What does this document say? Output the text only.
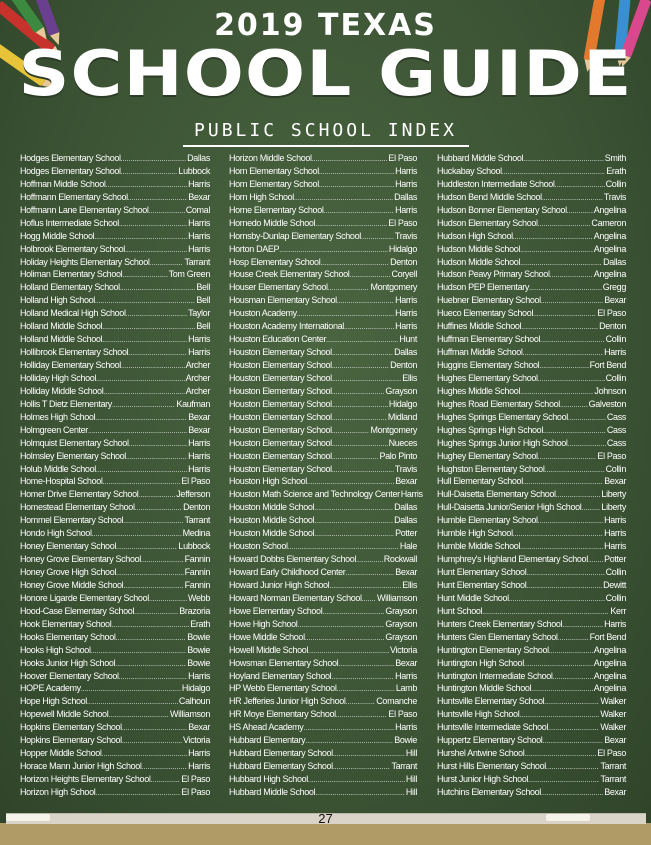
2019 TEXAS
SCHOOL GUIDE
PUBLIC SCHOOL INDEX
Hodges Elementary School .....	Dallas
Hodges Elementary School .....	Lubbock
Hoffman Middle School .....	Harris
Hoffmann Elementary School .....	Bexar
Hoffmann Lane Elementary School .....	Comal
Hoflus Intermediate School .....	Harris
Hogg Middle School .....	Harris
Holbrook Elementary School .....	Harris
Holiday Heights Elementary School .....	Tarrant
Holiman Elementary School .....	Tom Green
Holland Elementary School .....	Bell
Holland High School .....	Bell
Holland Medical High School .....	Taylor
Holland Middle School .....	Bell
Holland Middle School .....	Harris
Hollibrook Elementary School .....	Harris
Holliday Elementary School .....	Archer
Holliday High School .....	Archer
Holliday Middle School .....	Archer
Hollis T Dietz Elementary .....	Kaufman
Holmes High School .....	Bexar
Holmgreen Center .....	Bexar
Holmquist Elementary School .....	Harris
Holmsley Elementary School .....	Harris
Holub Middle School .....	Harris
Home-Hospital School .....	El Paso
Homer Drive Elementary School .....	Jefferson
Homestead Elementary School .....	Denton
Hommel Elementary School .....	Tarrant
Hondo High School .....	Medina
Honey Elementary School .....	Lubbock
Honey Grove Elementary School .....	Fannin
Honey Grove High School .....	Fannin
Honey Grove Middle School .....	Fannin
Honore Ligarde Elementary School .....	Webb
Hood-Case Elementary School .....	Brazoria
Hook Elementary School .....	Erath
Hooks Elementary School .....	Bowie
Hooks High School .....	Bowie
Hooks Junior High School .....	Bowie
Hoover Elementary School .....	Harris
HOPE Academy .....	Hidalgo
Hope High School .....	Calhoun
Hopewell Middle School .....	Williamson
Hopkins Elementary School .....	Bexar
Hopkins Elementary School .....	Victoria
Hopper Middle School .....	Harris
Horace Mann Junior High School .....	Harris
Horizon Heights Elementary School .....	El Paso
Horizon High School .....	El Paso
Horizon Middle School .....	El Paso
Horn Elementary School .....	Harris
Horn Elementary School .....	Harris
Horn High School .....	Dallas
Horne Elementary School .....	Harris
Hornedo Middle School .....	El Paso
Hornsby-Dunlap Elementary School .....	Travis
Horton DAEP .....	Hidalgo
Hosp Elementary School .....	Denton
House Creek Elementary School .....	Coryell
Houser Elementary School .....	Montgomery
Housman Elementary School .....	Harris
Houston Academy .....	Harris
Houston Academy International .....	Harris
Houston Education Center .....	Hunt
Houston Elementary School .....	Dallas
Houston Elementary School .....	Denton
Houston Elementary School .....	Ellis
Houston Elementary School .....	Grayson
Houston Elementary School .....	Hidalgo
Houston Elementary School .....	Midland
Houston Elementary School .....	Montgomery
Houston Elementary School .....	Nueces
Houston Elementary School .....	Palo Pinto
Houston Elementary School .....	Travis
Houston High School .....	Bexar
Houston Math Science and Technology Center Harris
Houston Middle School .....	Dallas
Houston Middle School .....	Dallas
Houston Middle School .....	Potter
Houston School .....	Hale
Howard Dobbs Elementary School .....	Rockwall
Howard Early Childhood Center .....	Bexar
Howard Junior High School .....	Ellis
Howard Norman Elementary School ..... Williamson
Howe Elementary School .....	Grayson
Howe High School .....	Grayson
Howe Middle School .....	Grayson
Howell Middle School .....	Victoria
Howsman Elementary School .....	Bexar
Hoyland Elementary School .....	Harris
HP Webb Elementary School .....	Lamb
HR Jefferies Junior High School .....	Comanche
HR Moye Elementary School .....	El Paso
HS Ahead Academy .....	Harris
Hubbard Elementary .....	Bowie
Hubbard Elementary School .....	Hill
Hubbard Elementary School .....	Tarrant
Hubbard High School .....	Hill
Hubbard Middle School .....	Hill
Hubbard Middle School .....	Smith
Huckabay School .....	Erath
Huddleston Intermediate School .....	Collin
Hudson Bend Middle School .....	Travis
Hudson Bonner Elementary School .....	Angelina
Hudson Elementary School .....	Cameron
Hudson High School .....	Angelina
Hudson Middle School .....	Angelina
Hudson Middle School .....	Dallas
Hudson Peavy Primary School .....	Angelina
Hudson PEP Elementary .....	Gregg
Huebner Elementary School .....	Bexar
Hueco Elementary School .....	El Paso
Huffines Middle School .....	Denton
Huffman Elementary School .....	Collin
Huffman Middle School .....	Harris
Huggins Elementary School .....	Fort Bend
Hughes Elementary School .....	Collin
Hughes Middle School .....	Johnson
Hughes Road Elementary School .....	Galveston
Hughes Springs Elementary School .....	Cass
Hughes Springs High School .....	Cass
Hughes Springs Junior High School .....	Cass
Hughey Elementary School .....	El Paso
Hughston Elementary School .....	Collin
Hull Elementary School .....	Bexar
Hull-Daisetta Elementary School .....	Liberty
Hull-Daisetta Junior/Senior High School ..... Liberty
Humble Elementary School .....	Harris
Humble High School .....	Harris
Humble Middle School .....	Harris
Humphrey's Highland Elementary School ..... Potter
Hunt Elementary School .....	Collin
Hunt Elementary School .....	Dewitt
Hunt Middle School .....	Collin
Hunt School .....	Kerr
Hunters Creek Elementary School .....	Harris
Hunters Glen Elementary School .....	Fort Bend
Huntington Elementary School .....	Angelina
Huntington High School .....	Angelina
Huntington Intermediate School .....	Angelina
Huntington Middle School .....	Angelina
Huntsville Elementary School .....	Walker
Huntsville High School .....	Walker
Huntsville Intermediate School .....	Walker
Huppertz Elementary School .....	Bexar
Hurshel Antwine School .....	El Paso
Hurst Hills Elementary School .....	Tarrant
Hurst Junior High School .....	Tarrant
Hutchins Elementary School .....	Bexar
27
